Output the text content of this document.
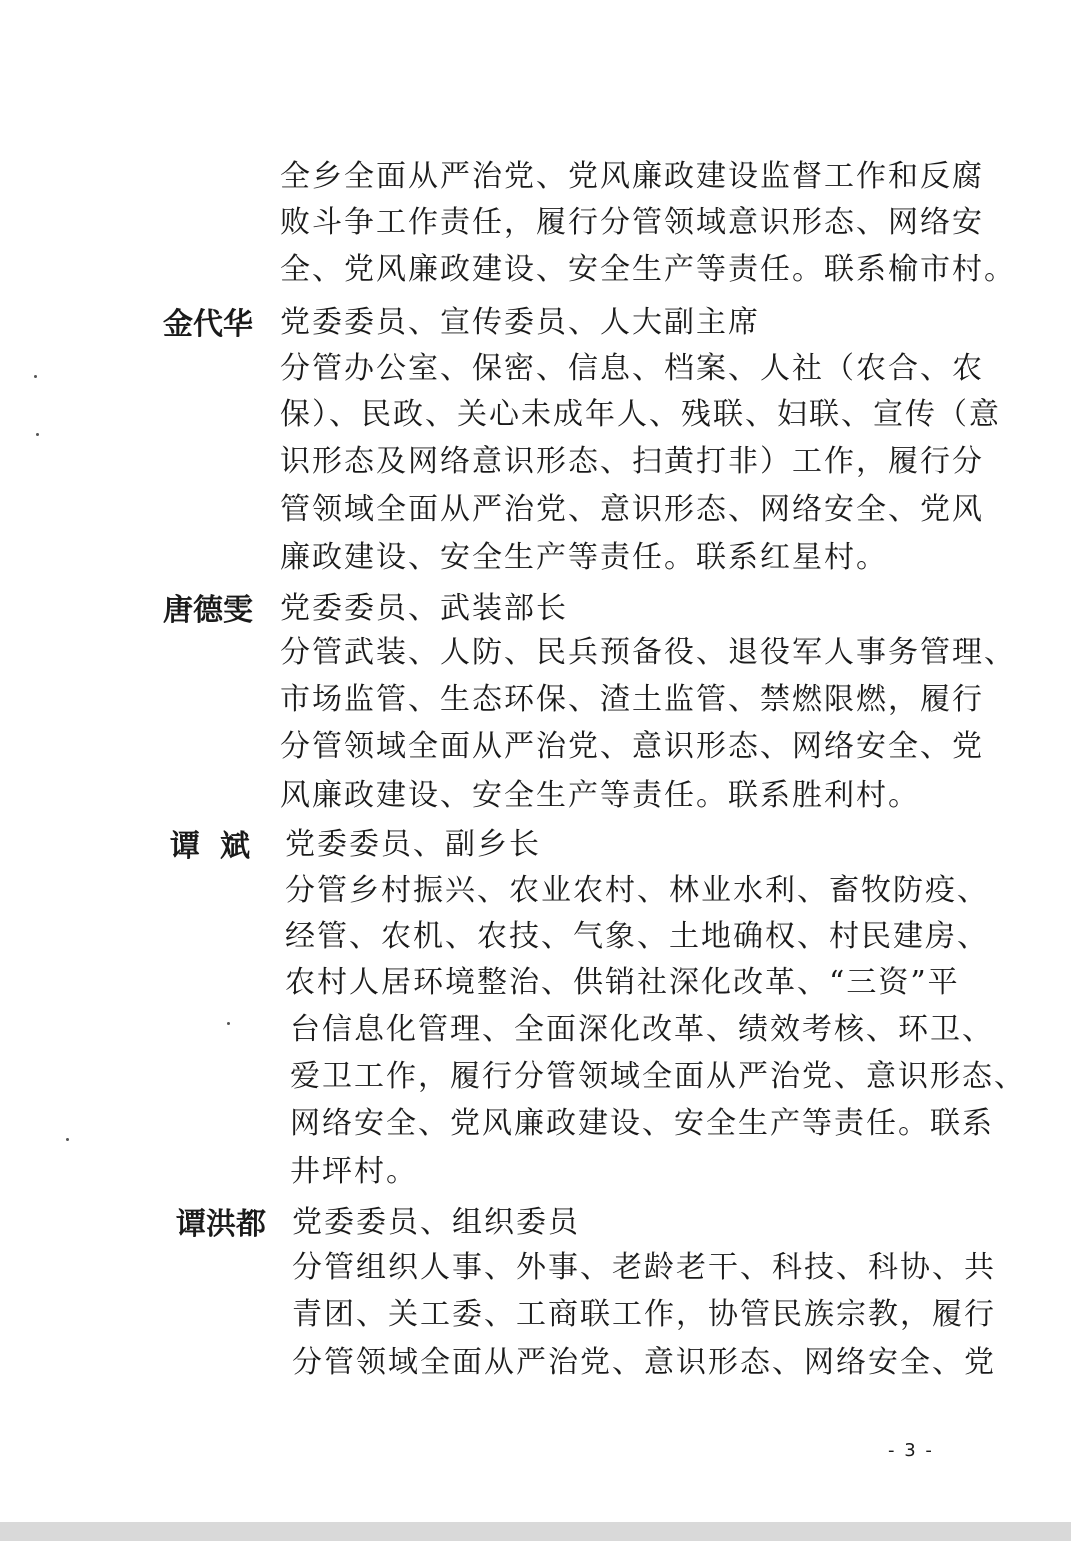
全乡全面从严治党、党风廉政建设监督工作和反腐
败斗争工作责任，履行分管领域意识形态、网络安
全、党风廉政建设、安全生产等责任。联系榆市村。
金代华 党委委员、宣传委员、人大副主席
分管办公室、保密、信息、档案、人社（农合、农
保）、民政、关心未成年人、残联、妇联、宣传（意
识形态及网络意识形态、扫黄打非）工作，履行分
管领域全面从严治党、意识形态、网络安全、党风
廉政建设、安全生产等责任。联系红星村。
唐德雯 党委委员、武装部长
分管武装、人防、民兵预备役、退役军人事务管理、
市场监管、生态环保、渣土监管、禁燃限燃，履行
分管领域全面从严治党、意识形态、网络安全、党
风廉政建设、安全生产等责任。联系胜利村。
谭斌 党委委员、副乡长
分管乡村振兴、农业农村、林业水利、畜牧防疫、
经管、农机、农技、气象、土地确权、村民建房、
农村人居环境整治、供销社深化改革、“三资”平
台信息化管理、全面深化改革、绩效考核、环卫、
爱卫工作，履行分管领域全面从严治党、意识形态、
网络安全、党风廉政建设、安全生产等责任。联系
井坪村。
谭洪都 党委委员、组织委员
分管组织人事、外事、老龄老干、科技、科协、共
青团、关工委、工商联工作，协管民族宗教，履行
分管领域全面从严治党、意识形态、网络安全、党
- 3 -
